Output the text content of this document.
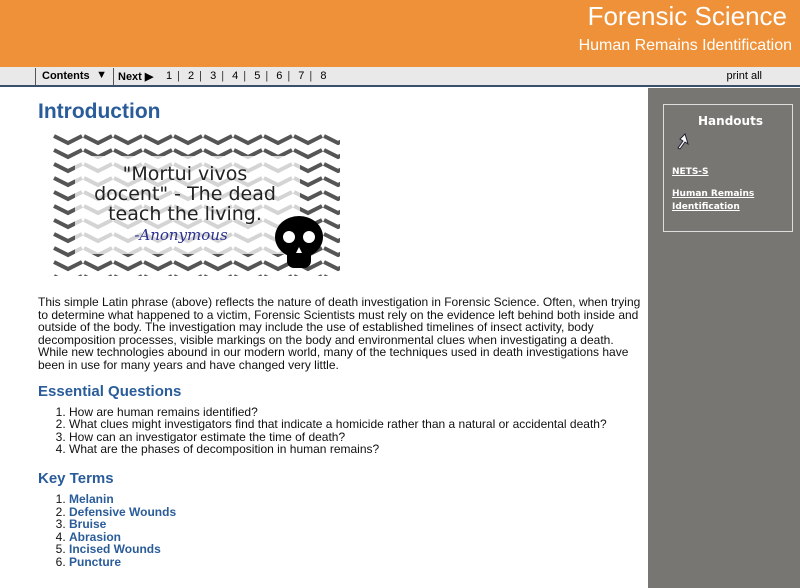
Forensic Science
Human Remains Identification
Contents ▼ Next ▶ 1 | 2 | 3 | 4 | 5 | 6 | 7 | 8	print all
Handouts
NETS-S
Human Remains
Identification
Introduction
"Mortui vivos
docent" - The dead
teach the living.
-Anonymous

This simple Latin phrase (above) reflects the nature of death investigation in Forensic Science. Often, when trying to determine what happened to a victim, Forensic Scientists must rely on the evidence left behind both inside and outside of the body. The investigation may include the use of established timelines of insect activity, body decomposition processes, visible markings on the body and environmental clues when investigating a death. While new technologies abound in our modern world, many of the techniques used in death investigations have been in use for many years and have changed very little.

Essential Questions
1. How are human remains identified?
2. What clues might investigators find that indicate a homicide rather than a natural or accidental death?
3. How can an investigator estimate the time of death?
4. What are the phases of decomposition in human remains?
Key Terms
1. Melanin
2. Defensive Wounds
3. Bruise
4. Abrasion
5. Incised Wounds
6. Puncture
